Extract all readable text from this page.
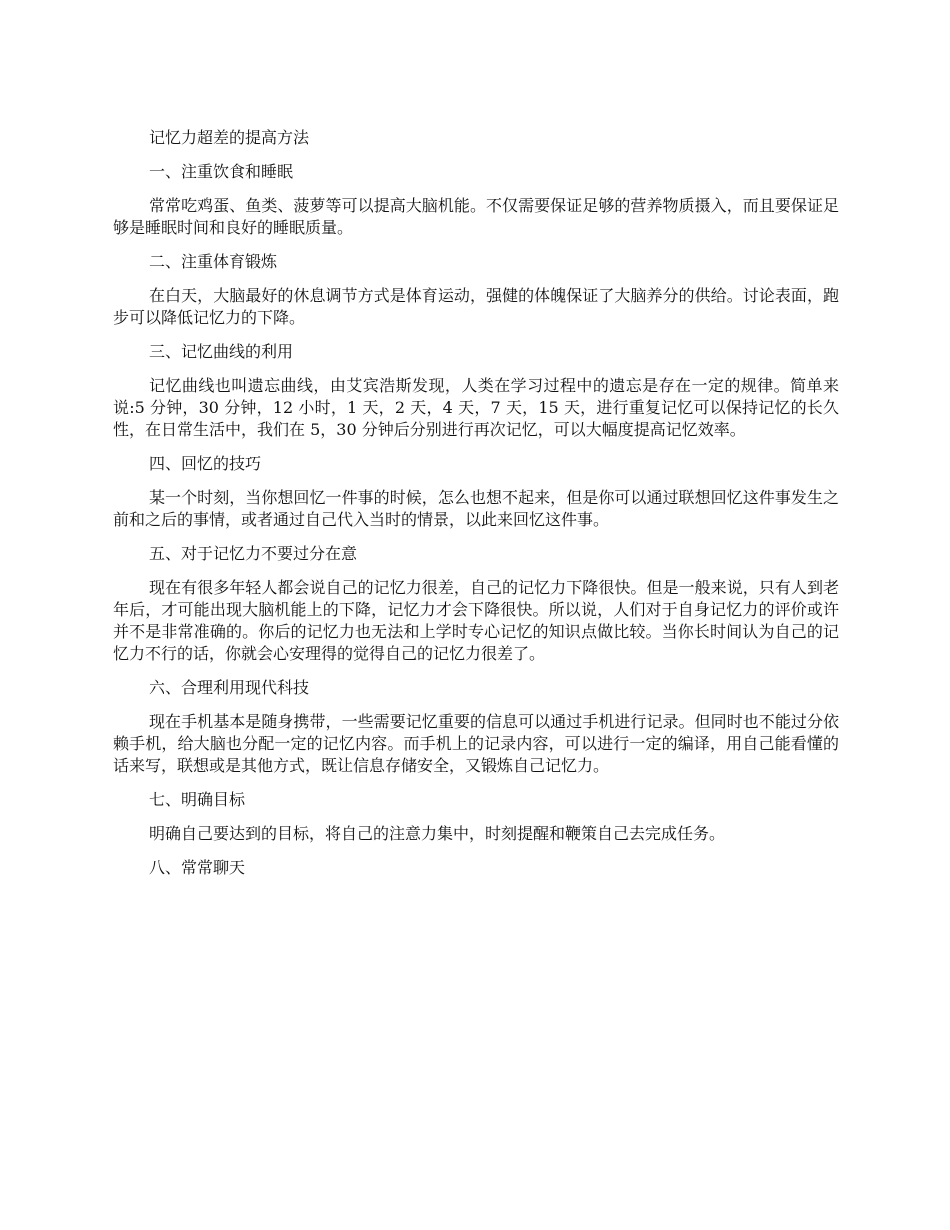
记忆力超差的提高方法
一、注重饮食和睡眠
常常吃鸡蛋、鱼类、菠萝等可以提高大脑机能。不仅需要保证足够的营养物质摄入，而且要保证足够是睡眠时间和良好的睡眠质量。
二、注重体育锻炼
在白天，大脑最好的休息调节方式是体育运动，强健的体魄保证了大脑养分的供给。讨论表面，跑步可以降低记忆力的下降。
三、记忆曲线的利用
记忆曲线也叫遗忘曲线，由艾宾浩斯发现，人类在学习过程中的遗忘是存在一定的规律。简单来说:5 分钟，30 分钟，12 小时，1 天，2 天，4 天，7 天，15 天，进行重复记忆可以保持记忆的长久性，在日常生活中，我们在 5，30 分钟后分别进行再次记忆，可以大幅度提高记忆效率。
四、回忆的技巧
某一个时刻，当你想回忆一件事的时候，怎么也想不起来，但是你可以通过联想回忆这件事发生之前和之后的事情，或者通过自己代入当时的情景，以此来回忆这件事。
五、对于记忆力不要过分在意
现在有很多年轻人都会说自己的记忆力很差，自己的记忆力下降很快。但是一般来说，只有人到老年后，才可能出现大脑机能上的下降，记忆力才会下降很快。所以说，人们对于自身记忆力的评价或许并不是非常准确的。你后的记忆力也无法和上学时专心记忆的知识点做比较。当你长时间认为自己的记忆力不行的话，你就会心安理得的觉得自己的记忆力很差了。
六、合理利用现代科技
现在手机基本是随身携带，一些需要记忆重要的信息可以通过手机进行记录。但同时也不能过分依赖手机，给大脑也分配一定的记忆内容。而手机上的记录内容，可以进行一定的编译，用自己能看懂的话来写，联想或是其他方式，既让信息存储安全，又锻炼自己记忆力。
七、明确目标
明确自己要达到的目标，将自己的注意力集中，时刻提醒和鞭策自己去完成任务。
八、常常聊天
